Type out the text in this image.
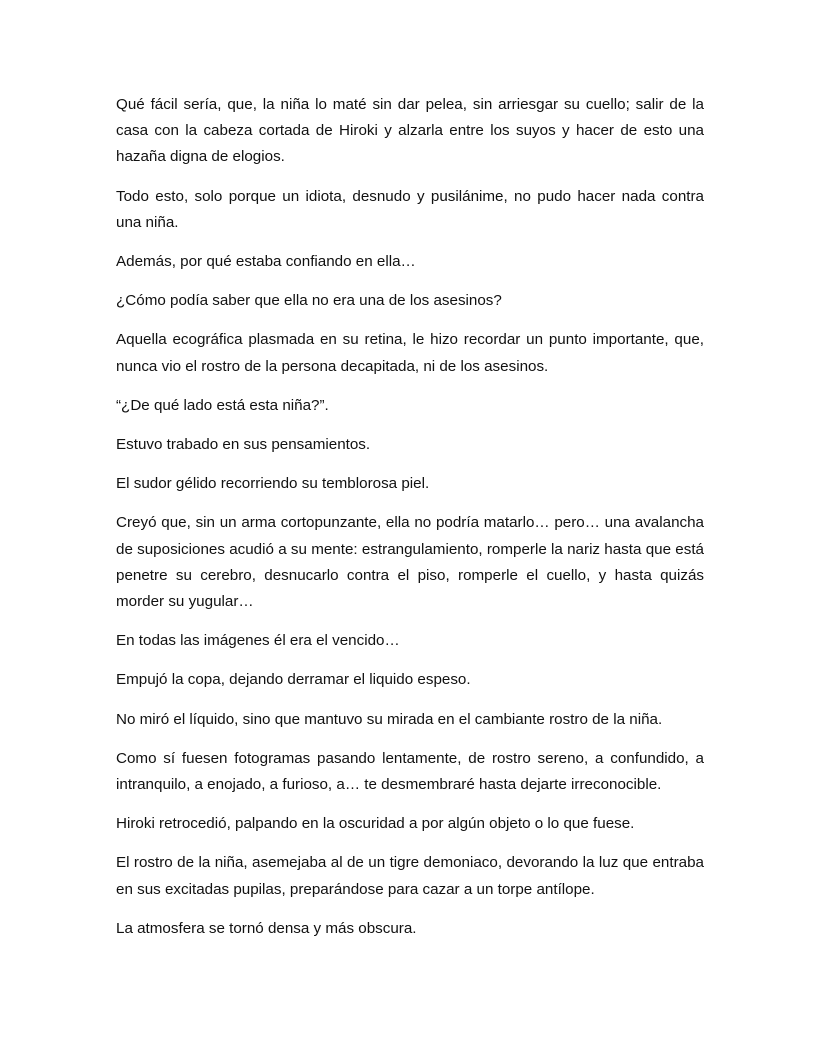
Qué fácil sería, que, la niña lo maté sin dar pelea, sin arriesgar su cuello; salir de la casa con la cabeza cortada de Hiroki y alzarla entre los suyos y hacer de esto una hazaña digna de elogios.

Todo esto, solo porque un idiota, desnudo y pusilánime, no pudo hacer nada contra una niña.

Además, por qué estaba confiando en ella…

¿Cómo podía saber que ella no era una de los asesinos?

Aquella ecográfica plasmada en su retina, le hizo recordar un punto importante, que, nunca vio el rostro de la persona decapitada, ni de los asesinos.

“¿De qué lado está esta niña?”.

Estuvo trabado en sus pensamientos.

El sudor gélido recorriendo su temblorosa piel.

Creyó que, sin un arma cortopunzante, ella no podría matarlo… pero… una avalancha de suposiciones acudió a su mente: estrangulamiento, romperle la nariz hasta que está penetre su cerebro, desnucarlo contra el piso, romperle el cuello, y hasta quizás morder su yugular…

En todas las imágenes él era el vencido…

Empujó la copa, dejando derramar el liquido espeso.

No miró el líquido, sino que mantuvo su mirada en el cambiante rostro de la niña.

Como sí fuesen fotogramas pasando lentamente, de rostro sereno, a confundido, a intranquilo, a enojado, a furioso, a… te desmembraré hasta dejarte irreconocible.

Hiroki retrocedió, palpando en la oscuridad a por algún objeto o lo que fuese.

El rostro de la niña, asemejaba al de un tigre demoniaco, devorando la luz que entraba en sus excitadas pupilas, preparándose para cazar a un torpe antílope.

La atmosfera se tornó densa y más obscura.
